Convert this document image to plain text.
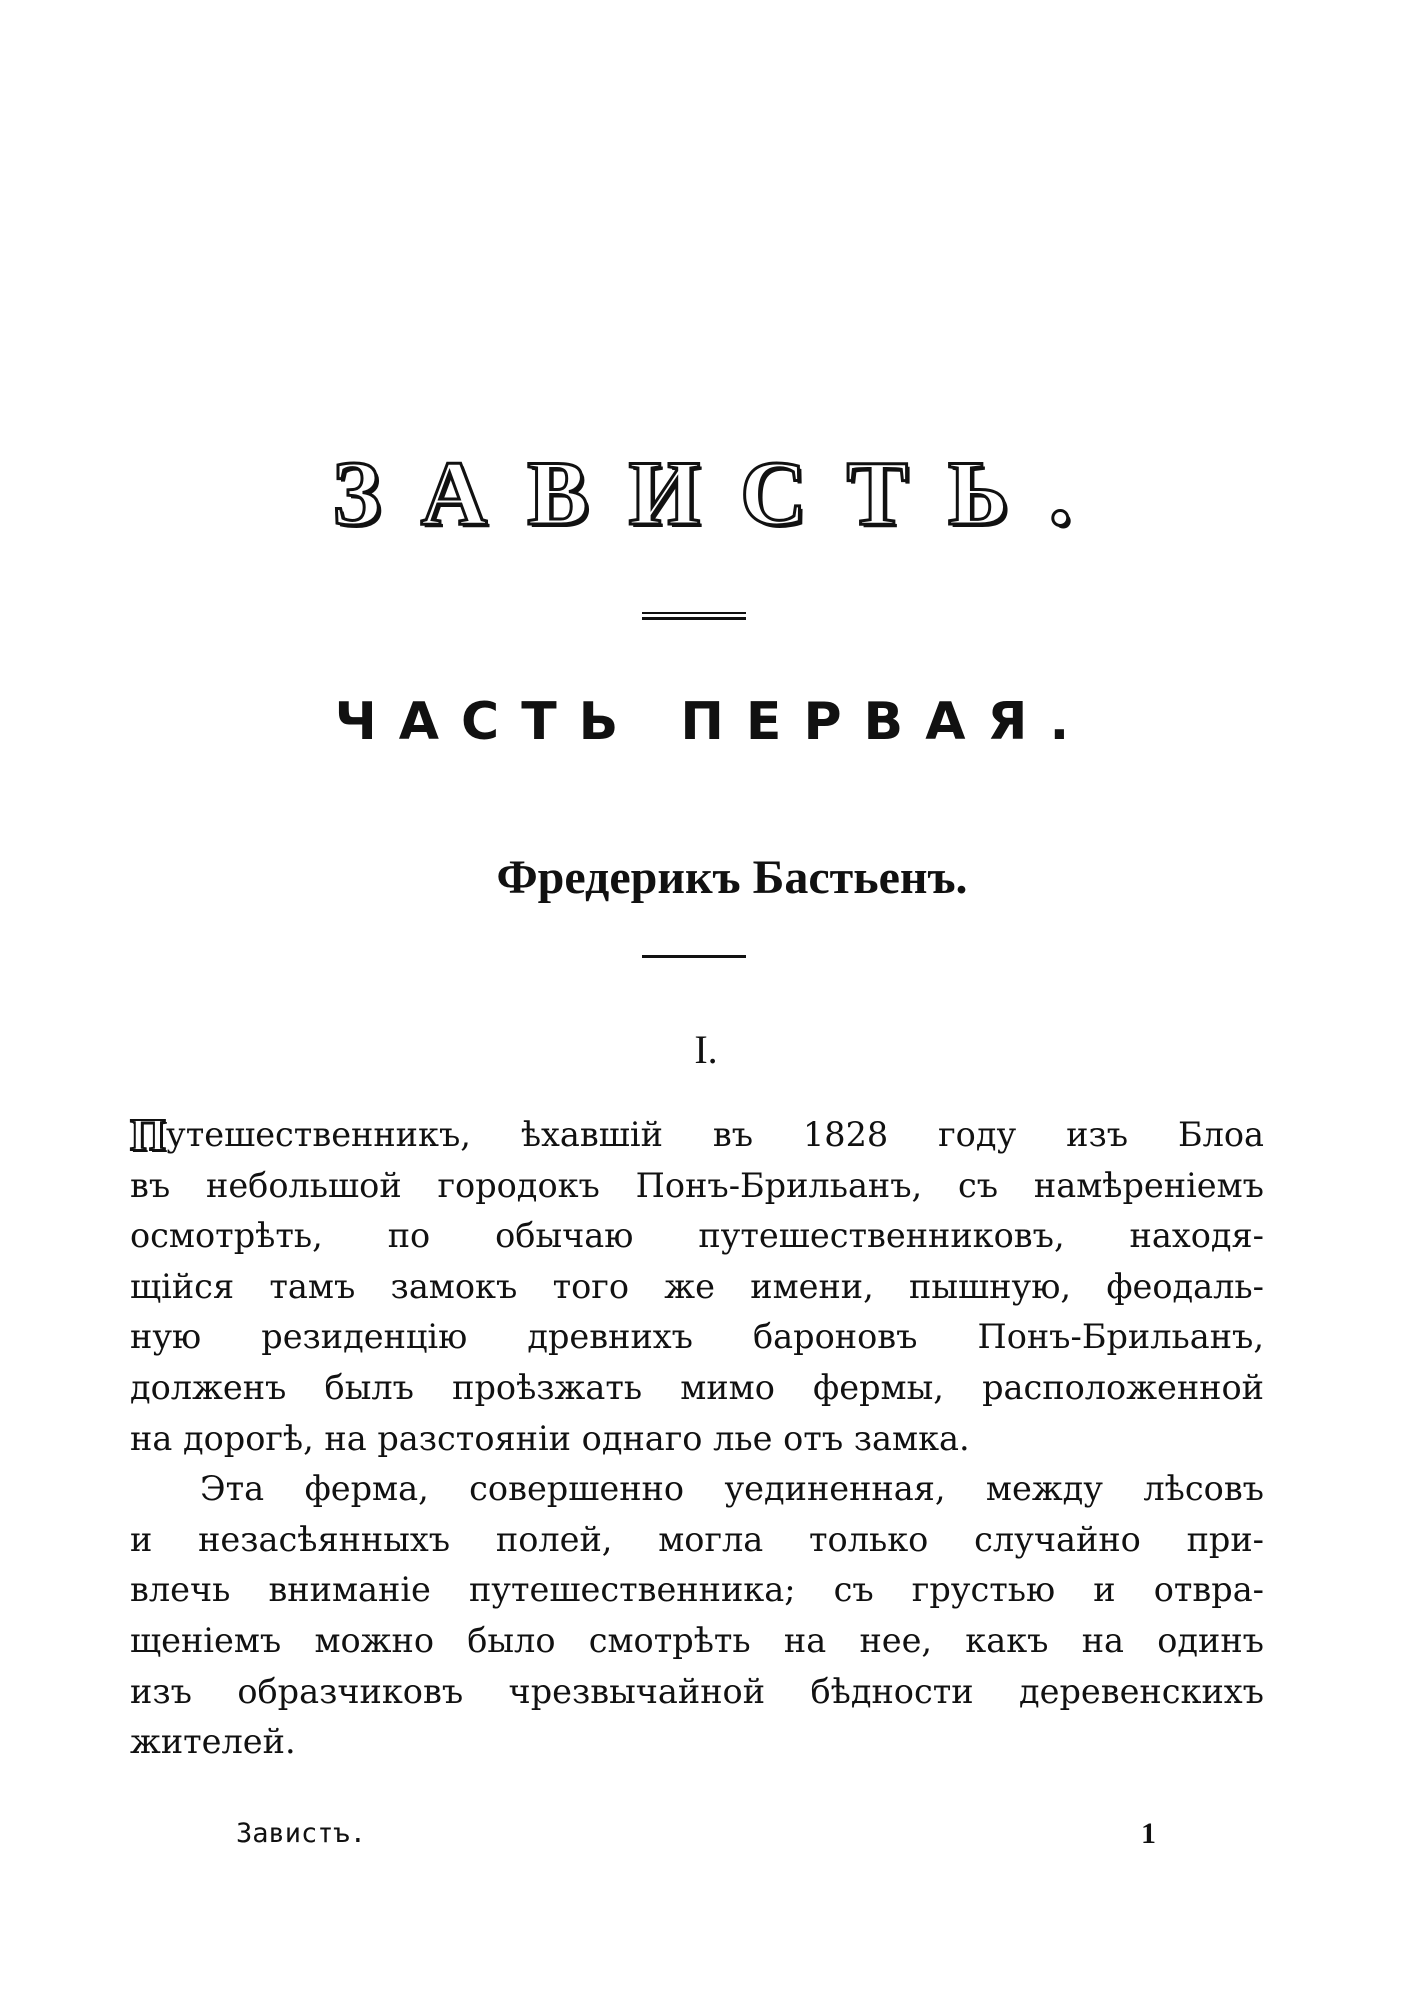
ЗАВИСТЬ.
ЧАСТЬ ПЕРВАЯ.
Фредерикъ Бастьенъ.
I.
Путешественникъ, ѣхавшій въ 1828 году изъ Блоа
въ небольшой городокъ Понъ-Брильанъ, съ намѣреніемъ
осмотрѣть, по обычаю путешественниковъ, находя-
щійся тамъ замокъ того же имени, пышную, феодаль-
ную резиденцію древнихъ бароновъ Понъ-Брильанъ,
долженъ былъ проѣзжать мимо фермы, расположенной
на дорогѣ, на разстояніи однаго лье отъ замка.
Эта ферма, совершенно уединенная, между лѣсовъ
и незасѣянныхъ полей, могла только случайно при-
влечь вниманіе путешественника; съ грустью и отвра-
щеніемъ можно было смотрѣть на нее, какъ на одинъ
изъ образчиковъ чрезвычайной бѣдности деревенскихъ
жителей.
Завистъ.	1
